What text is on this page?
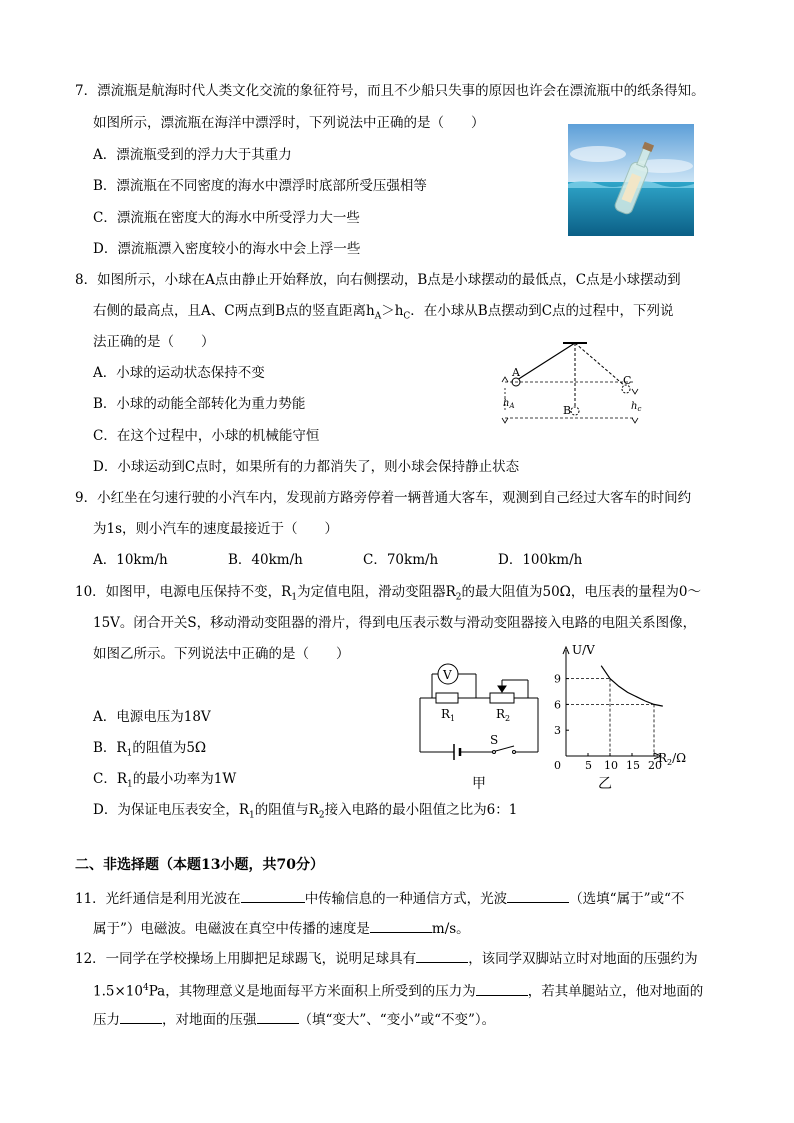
7．漂流瓶是航海时代人类文化交流的象征符号，而且不少船只失事的原因也许会在漂流瓶中的纸条得知。
如图所示，漂流瓶在海洋中漂浮时，下列说法中正确的是（　　）
A．漂流瓶受到的浮力大于其重力
B．漂流瓶在不同密度的海水中漂浮时底部所受压强相等
C．漂流瓶在密度大的海水中所受浮力大一些
D．漂流瓶漂入密度较小的海水中会上浮一些
8．如图所示，小球在A点由静止开始释放，向右侧摆动，B点是小球摆动的最低点，C点是小球摆动到
右侧的最高点，且A、C两点到B点的竖直距离$h_A>h_C$．在小球从B点摆动到C点的过程中，下列说
法正确的是（　　）
A．小球的运动状态保持不变
B．小球的动能全部转化为重力势能
C．在这个过程中，小球的机械能守恒
D．小球运动到C点时，如果所有的力都消失了，则小球会保持静止状态
A
B
C
$h_A$	$h_c$
9．小红坐在匀速行驶的小汽车内，发现前方路旁停着一辆普通大客车，观测到自己经过大客车的时间约
为1s，则小汽车的速度最接近于（　　）
A．10km/h	B．40km/h	C．70km/h	D．100km/h
10．如图甲，电源电压保持不变，$R_1$为定值电阻，滑动变阻器$R_2$的最大阻值为50Ω，电压表的量程为0～
15V。闭合开关S，移动滑动变阻器的滑片，得到电压表示数与滑动变阻器接入电路的电阻关系图像，
如图乙所示。下列说法中正确的是（　　）
A．电源电压为18V
B．$R_1$的阻值为5Ω
C．$R_1$的最小功率为1W
D．为保证电压表安全，$R_1$的阻值与$R_2$接入电路的最小阻值之比为6：1
V
$R_1$	$R_2$
S
甲
U/V
$R_2/\Omega$
0 5 10 15 20
9
6
3
乙
二、非选择题（本题13小题，共70分）
11．光纤通信是利用光波在	中传输信息的一种通信方式，光波	（选填“属于”或“不
属于”）电磁波。电磁波在真空中传播的速度是	m/s。
12．一同学在学校操场上用脚把足球踢飞，说明足球具有	，该同学双脚站立时对地面的压强约为
$1.5\times 10^4Pa$，其物理意义是地面每平方米面积上所受到的压力为	，若其单腿站立，他对地面的
压力	，对地面的压强	（填“变大”、“变小”或“不变”）。
